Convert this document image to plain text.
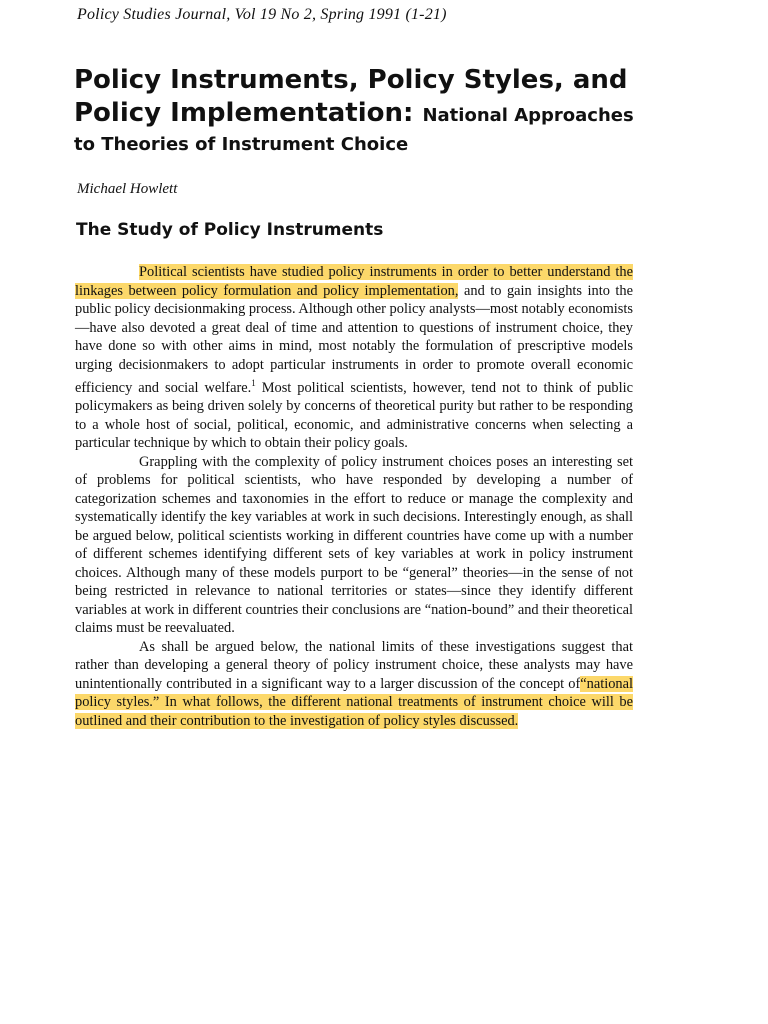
Policy Studies Journal, Vol 19 No 2, Spring 1991 (1-21)
Policy Instruments, Policy Styles, and Policy Implementation: National Approaches
to Theories of Instrument Choice
Michael Howlett
The Study of Policy Instruments

Political scientists have studied policy instruments in order to better understand the linkages between policy formulation and policy implementation, and to gain insights into the public policy decisionmaking process. Although other policy analysts—most notably economists—have also devoted a great deal of time and attention to questions of instrument choice, they have done so with other aims in mind, most notably the formulation of prescriptive models urging decisionmakers to adopt particular instruments in order to promote overall economic efficiency and social welfare.$^1$ Most political scientists, however, tend not to think of public policymakers as being driven solely by concerns of theoretical purity but rather to be responding to a whole host of social, political, economic, and administrative concerns when selecting a particular technique by which to obtain their policy goals.

Grappling with the complexity of policy instrument choices poses an interesting set of problems for political scientists, who have responded by developing a number of categorization schemes and taxonomies in the effort to reduce or manage the complexity and systematically identify the key variables at work in such decisions. Interestingly enough, as shall be argued below, political scientists working in different countries have come up with a number of different schemes identifying different sets of key variables at work in policy instrument choices. Although many of these models purport to be “general” theories—in the sense of not being restricted in relevance to national territories or states—since they identify different variables at work in different countries their conclusions are “nation-bound” and their theoretical claims must be reevaluated.

As shall be argued below, the national limits of these investigations suggest that rather than developing a general theory of policy instrument choice, these analysts may have unintentionally contributed in a significant way to a larger discussion of the concept of“national policy styles.” In what follows, the different national treatments of instrument choice will be outlined and their contribution to the investigation of policy styles discussed.
